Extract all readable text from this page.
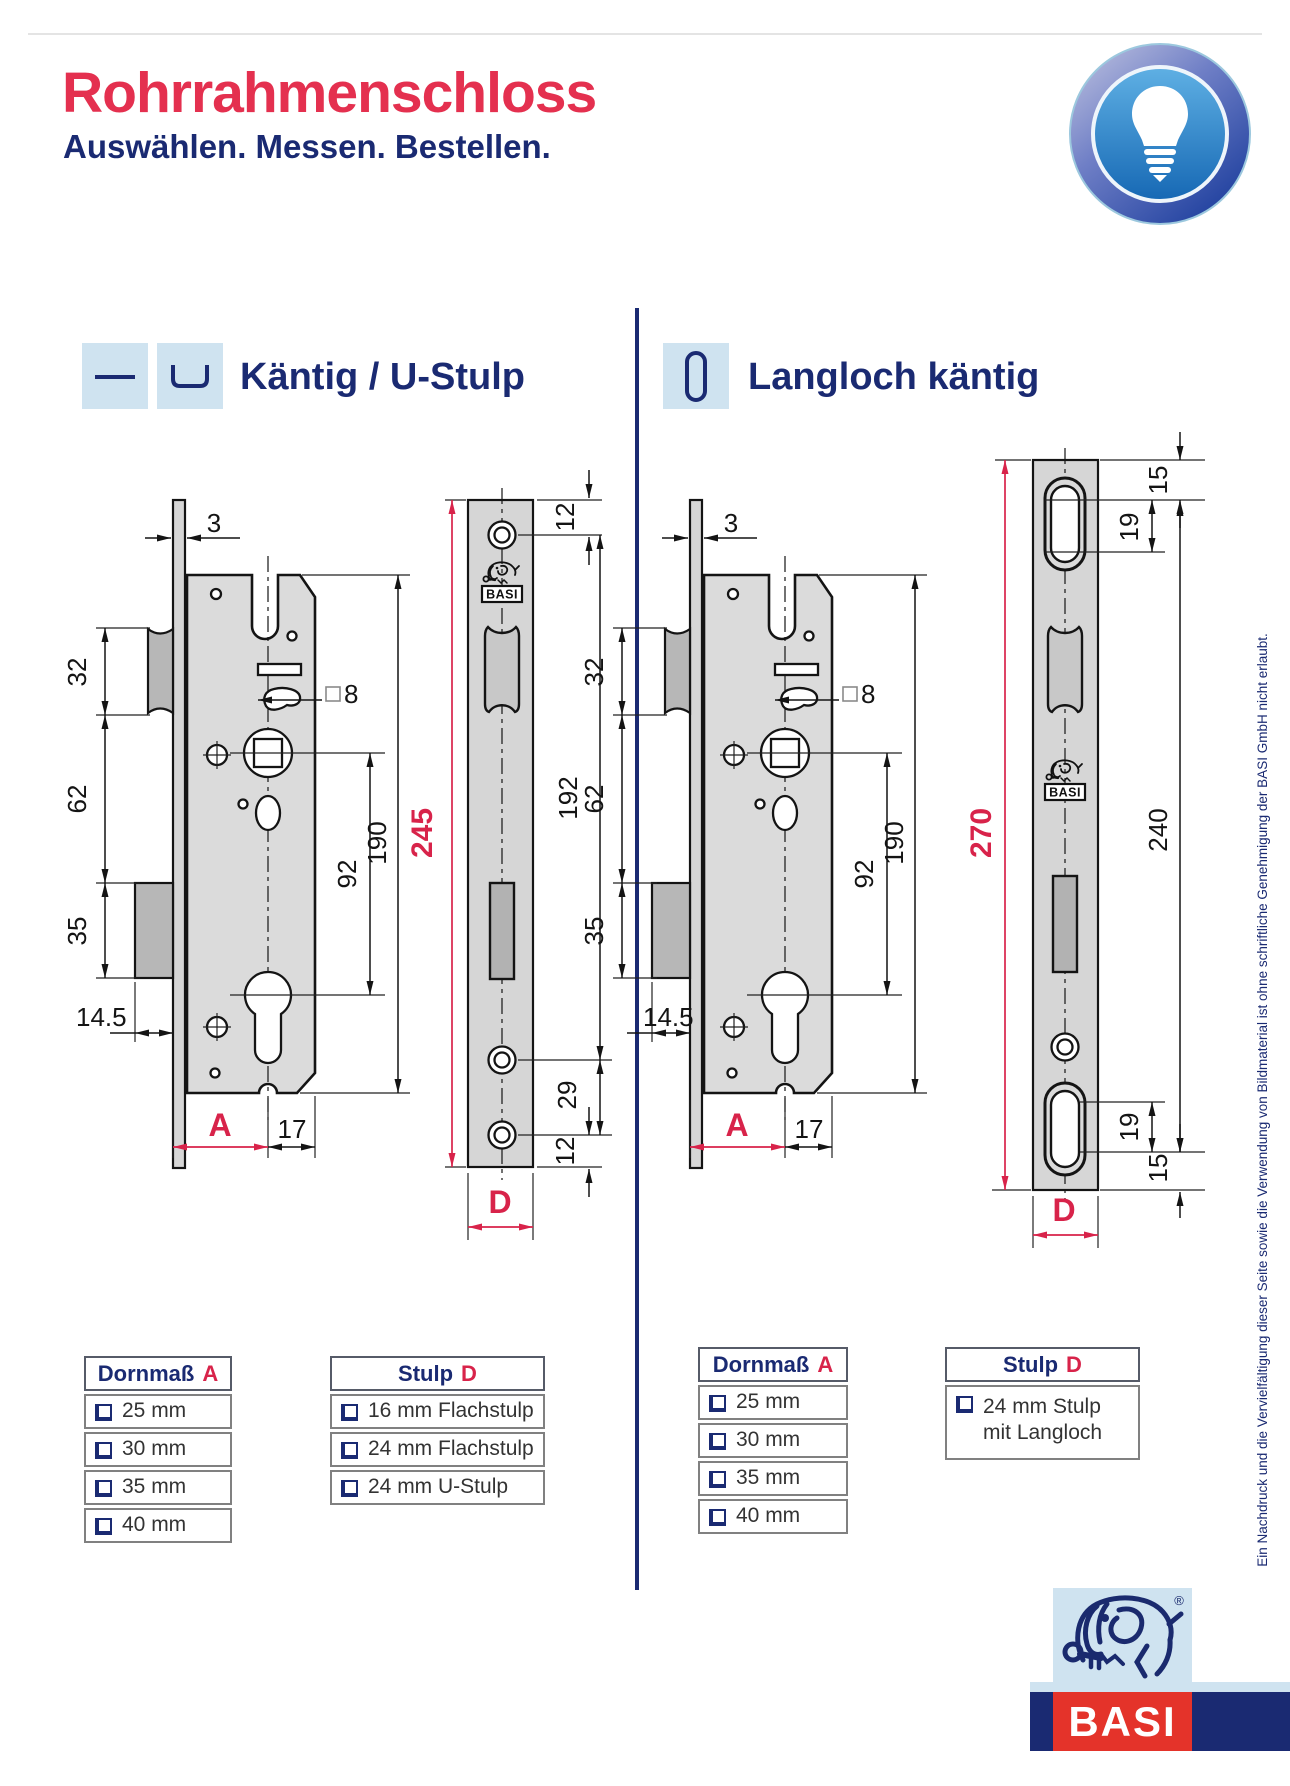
Rohrrahmenschloss
Auswählen. Messen. Bestellen.
Käntig / U-Stulp	Langloch käntig
3
32
62
35
14.5
8
92
190
A 17
BASI
12
192
29
12
245
D
3
32
62
35
14.5
8
92
190
A 17
BASI
15
19
240
19
15
270
D
Dornmaß A
25 mm
30 mm
35 mm
40 mm
Stulp D
16 mm Flachstulp
24 mm Flachstulp
24 mm U-Stulp
Dornmaß A
25 mm
30 mm
35 mm
40 mm
Stulp D
24 mm Stulp mit Langloch	Ein Nachdruck und die Vervielfältigung dieser Seite sowie die Verwendung von Bildmaterial ist ohne schriftliche Genehmigung der BASI GmbH nicht erlaubt.
®
BASI
